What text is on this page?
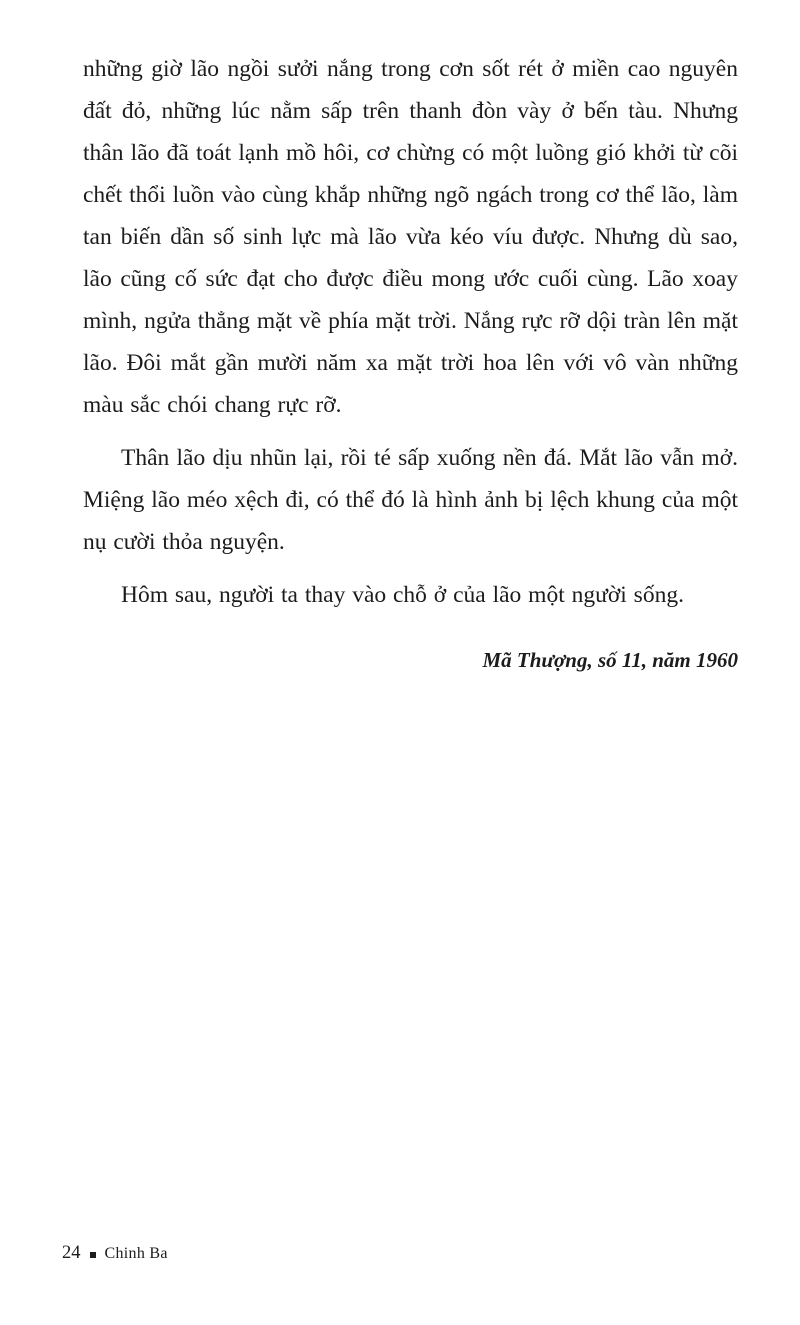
những giờ lão ngồi sưởi nắng trong cơn sốt rét ở miền cao nguyên đất đỏ, những lúc nằm sấp trên thanh đòn vày ở bến tàu. Nhưng thân lão đã toát lạnh mồ hôi, cơ chừng có một luồng gió khởi từ cõi chết thổi luồn vào cùng khắp những ngõ ngách trong cơ thể lão, làm tan biến dần số sinh lực mà lão vừa kéo víu được. Nhưng dù sao, lão cũng cố sức đạt cho được điều mong ước cuối cùng. Lão xoay mình, ngửa thẳng mặt về phía mặt trời. Nắng rực rỡ dội tràn lên mặt lão. Đôi mắt gần mười năm xa mặt trời hoa lên với vô vàn những màu sắc chói chang rực rỡ.

Thân lão dịu nhũn lại, rồi té sấp xuống nền đá. Mắt lão vẫn mở. Miệng lão méo xệch đi, có thể đó là hình ảnh bị lệch khung của một nụ cười thỏa nguyện.

Hôm sau, người ta thay vào chỗ ở của lão một người sống.

Mã Thượng, số 11, năm 1960
24 Chinh Ba
